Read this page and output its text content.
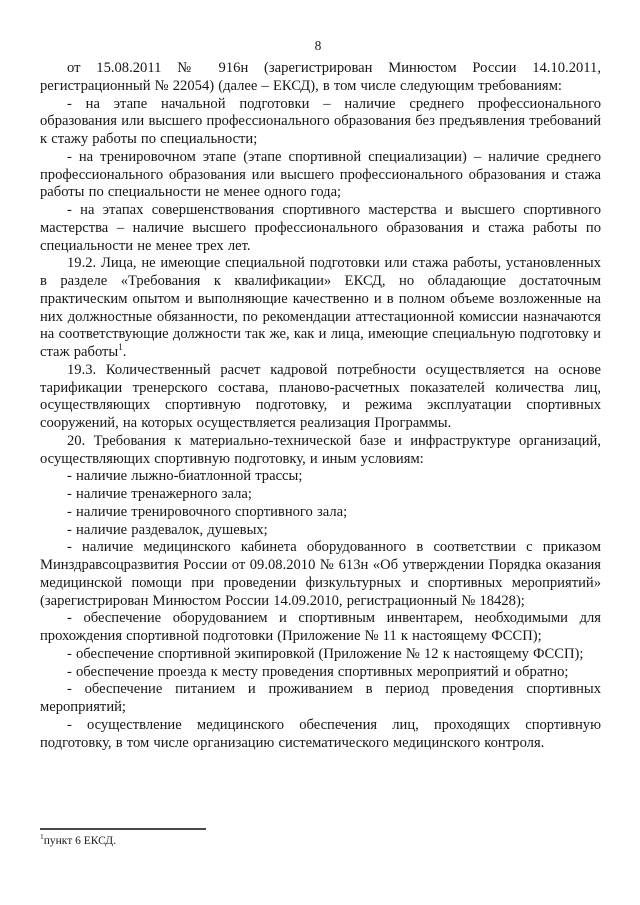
8

от 15.08.2011 № 916н (зарегистрирован Минюстом России 14.10.2011, регистрационный № 22054) (далее – ЕКСД), в том числе следующим требованиям:

- на этапе начальной подготовки – наличие среднего профессионального образования или высшего профессионального образования без предъявления требований к стажу работы по специальности;

- на тренировочном этапе (этапе спортивной специализации) – наличие среднего профессионального образования или высшего профессионального образования и стажа работы по специальности не менее одного года;

- на этапах совершенствования спортивного мастерства и высшего спортивного мастерства – наличие высшего профессионального образования и стажа работы по специальности не менее трех лет.

19.2. Лица, не имеющие специальной подготовки или стажа работы, установленных в разделе «Требования к квалификации» ЕКСД, но обладающие достаточным практическим опытом и выполняющие качественно и в полном объеме возложенные на них должностные обязанности, по рекомендации аттестационной комиссии назначаются на соответствующие должности так же, как и лица, имеющие специальную подготовку и стаж работы$^1$.

19.3. Количественный расчет кадровой потребности осуществляется на основе тарификации тренерского состава, планово-расчетных показателей количества лиц, осуществляющих спортивную подготовку, и режима эксплуатации спортивных сооружений, на которых осуществляется реализация Программы.

20. Требования к материально-технической базе и инфраструктуре организаций, осуществляющих спортивную подготовку, и иным условиям:

- наличие лыжно-биатлонной трассы;

- наличие тренажерного зала;

- наличие тренировочного спортивного зала;

- наличие раздевалок, душевых;

- наличие медицинского кабинета оборудованного в соответствии с приказом Минздравсоцразвития России от 09.08.2010 № 613н «Об утверждении Порядка оказания медицинской помощи при проведении физкультурных и спортивных мероприятий» (зарегистрирован Минюстом России 14.09.2010, регистрационный № 18428);

- обеспечение оборудованием и спортивным инвентарем, необходимыми для прохождения спортивной подготовки (Приложение № 11 к настоящему ФССП);

- обеспечение спортивной экипировкой (Приложение № 12 к настоящему ФССП);

- обеспечение проезда к месту проведения спортивных мероприятий и обратно;

- обеспечение питанием и проживанием в период проведения спортивных мероприятий;

- осуществление медицинского обеспечения лиц, проходящих спортивную подготовку, в том числе организацию систематического медицинского контроля.

$^1$пункт 6 ЕКСД.
